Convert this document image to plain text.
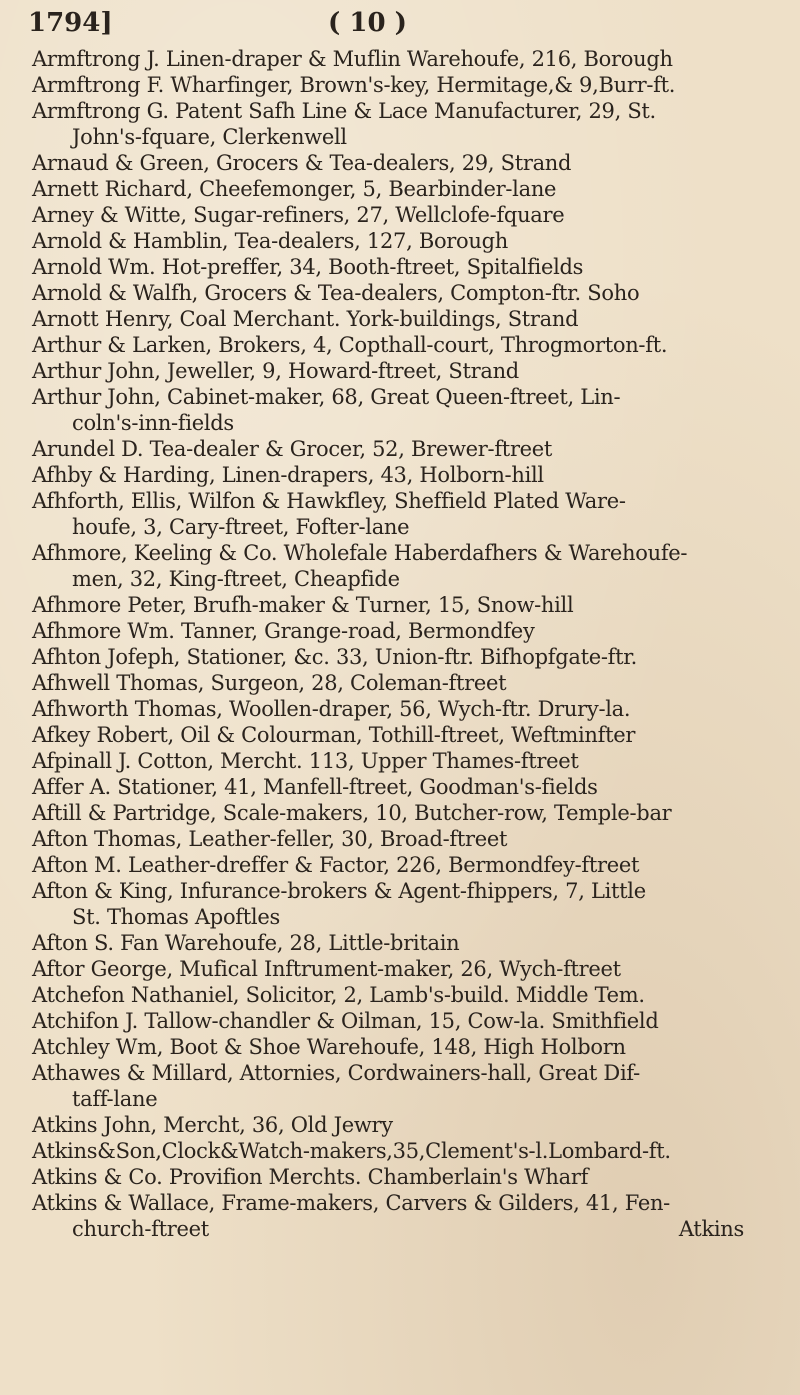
1794]	( 10 )
Armftrong J. Linen-draper & Muflin Warehoufe, 216, Borough
Armftrong F. Wharfinger, Brown's-key, Hermitage,& 9,Burr-ft.
Armftrong G. Patent Safh Line & Lace Manufacturer, 29, St.
John's-fquare, Clerkenwell
Arnaud & Green, Grocers & Tea-dealers, 29, Strand
Arnett Richard, Cheefemonger, 5, Bearbinder-lane
Arney & Witte, Sugar-refiners, 27, Wellclofe-fquare
Arnold & Hamblin, Tea-dealers, 127, Borough
Arnold Wm. Hot-preffer, 34, Booth-ftreet, Spitalfields
Arnold & Walfh, Grocers & Tea-dealers, Compton-ftr. Soho
Arnott Henry, Coal Merchant. York-buildings, Strand
Arthur & Larken, Brokers, 4, Copthall-court, Throgmorton-ft.
Arthur John, Jeweller, 9, Howard-ftreet, Strand
Arthur John, Cabinet-maker, 68, Great Queen-ftreet, Lin-
coln's-inn-fields
Arundel D. Tea-dealer & Grocer, 52, Brewer-ftreet
Afhby & Harding, Linen-drapers, 43, Holborn-hill
Afhforth, Ellis, Wilfon & Hawkfley, Sheffield Plated Ware-
houfe, 3, Cary-ftreet, Fofter-lane
Afhmore, Keeling & Co. Wholefale Haberdafhers & Warehoufe-
men, 32, King-ftreet, Cheapfide
Afhmore Peter, Brufh-maker & Turner, 15, Snow-hill
Afhmore Wm. Tanner, Grange-road, Bermondfey
Afhton Jofeph, Stationer, &c. 33, Union-ftr. Bifhopfgate-ftr.
Afhwell Thomas, Surgeon, 28, Coleman-ftreet
Afhworth Thomas, Woollen-draper, 56, Wych-ftr. Drury-la.
Afkey Robert, Oil & Colourman, Tothill-ftreet, Weftminfter
Afpinall J. Cotton, Mercht. 113, Upper Thames-ftreet
Affer A. Stationer, 41, Manfell-ftreet, Goodman's-fields
Aftill & Partridge, Scale-makers, 10, Butcher-row, Temple-bar
Afton Thomas, Leather-feller, 30, Broad-ftreet
Afton M. Leather-dreffer & Factor, 226, Bermondfey-ftreet
Afton & King, Infurance-brokers & Agent-fhippers, 7, Little
St. Thomas Apoftles
Afton S. Fan Warehoufe, 28, Little-britain
Aftor George, Mufical Inftrument-maker, 26, Wych-ftreet
Atchefon Nathaniel, Solicitor, 2, Lamb's-build. Middle Tem.
Atchifon J. Tallow-chandler & Oilman, 15, Cow-la. Smithfield
Atchley Wm, Boot & Shoe Warehoufe, 148, High Holborn
Athawes & Millard, Attornies, Cordwainers-hall, Great Dif-
taff-lane
Atkins John, Mercht, 36, Old Jewry
Atkins&Son,Clock&Watch-makers,35,Clement's-l.Lombard-ft.
Atkins & Co. Provifion Merchts. Chamberlain's Wharf
Atkins & Wallace, Frame-makers, Carvers & Gilders, 41, Fen-
Atkins
church-ftreet
